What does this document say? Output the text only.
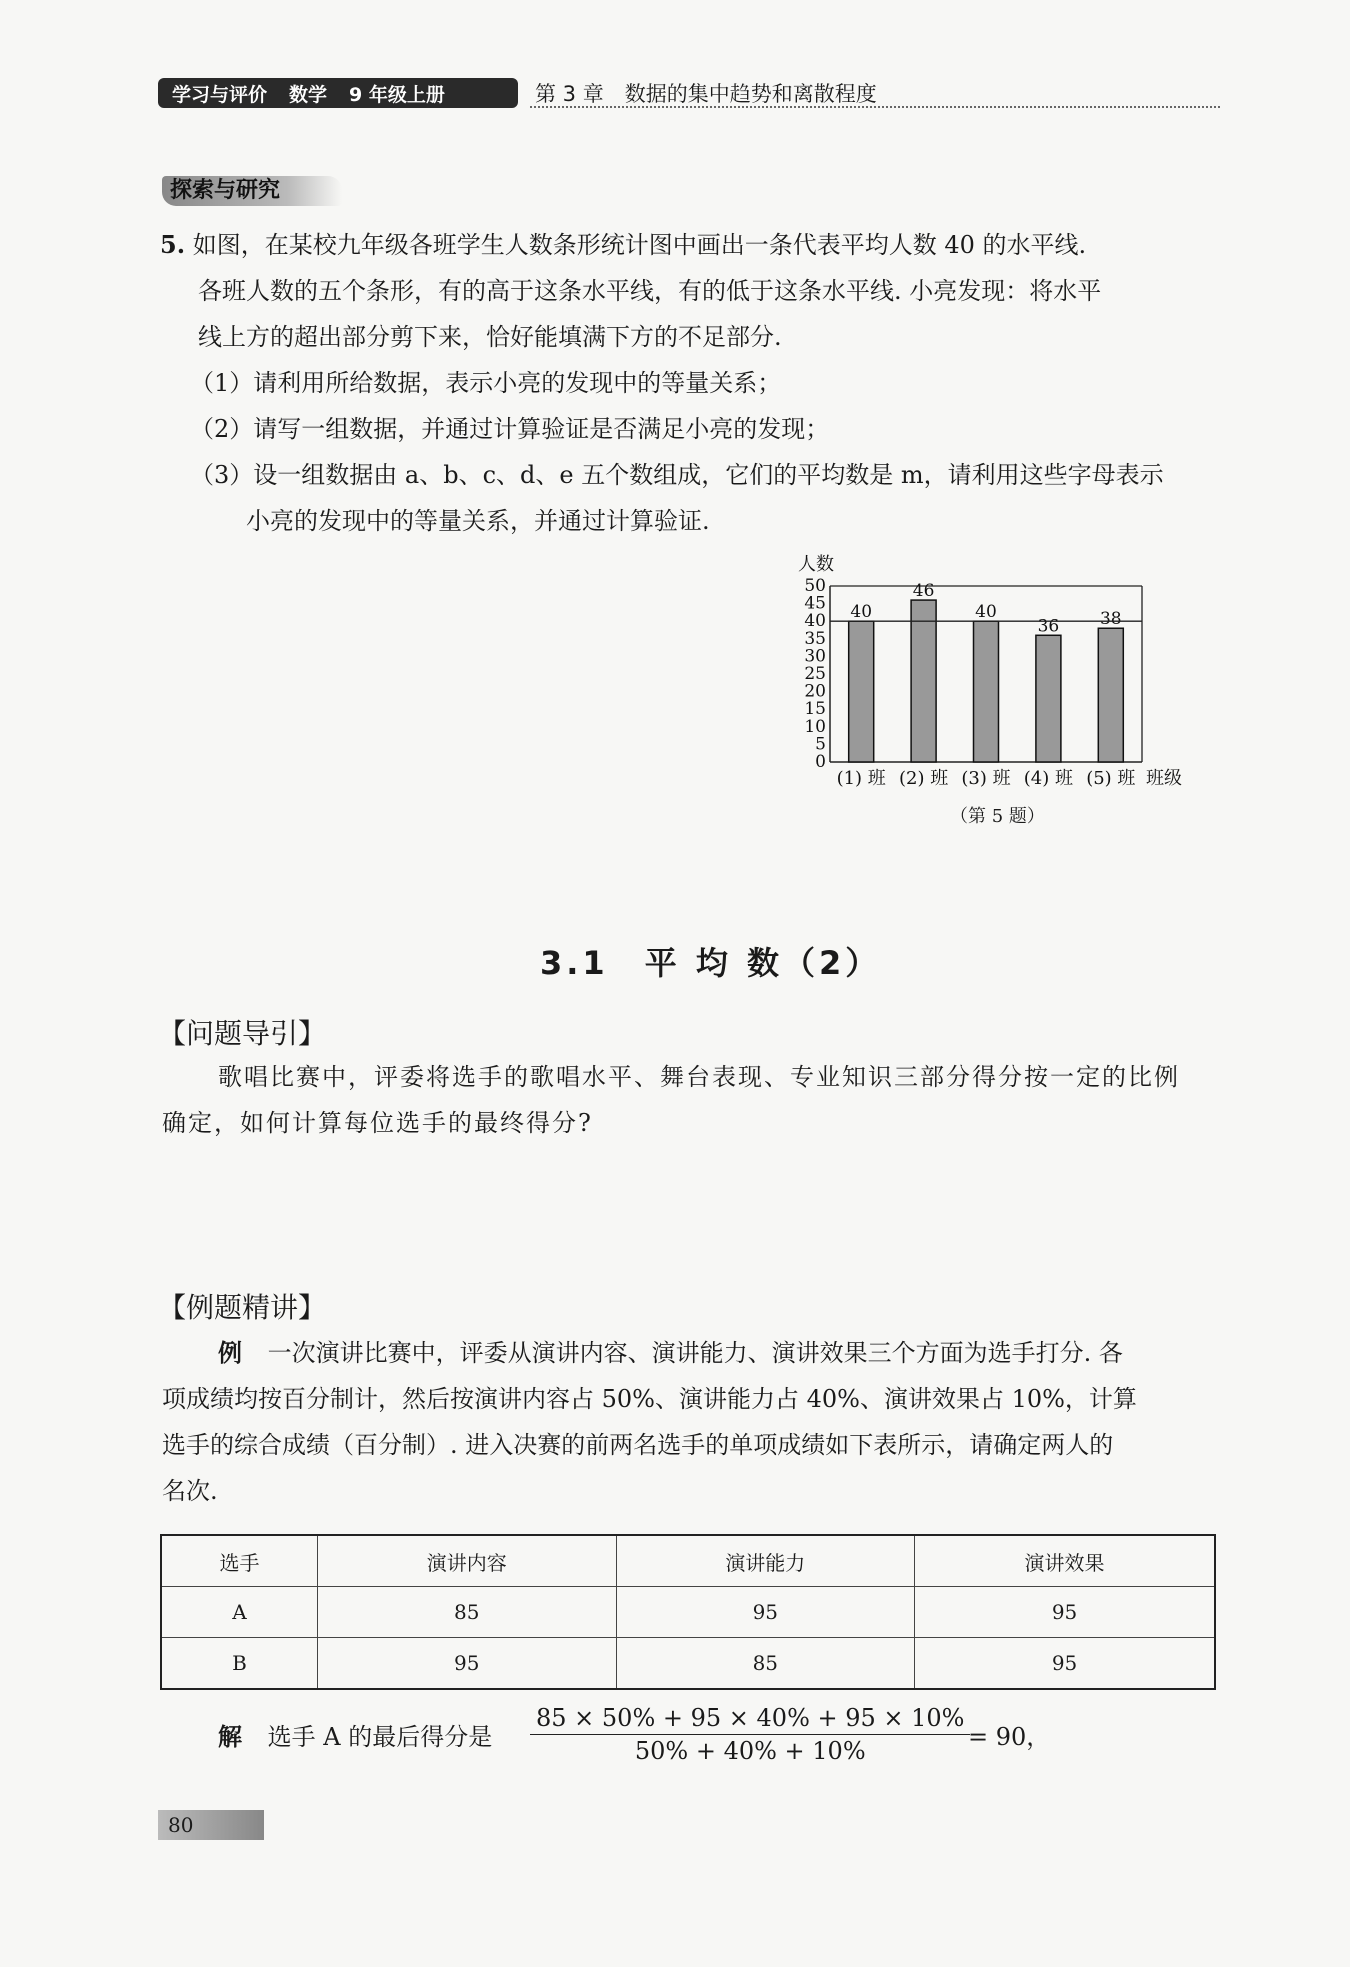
学习与评价 数学 9 年级上册	第 3 章　数据的集中趋势和离散程度
探索与研究
5. 如图，在某校九年级各班学生人数条形统计图中画出一条代表平均人数 40 的水平线.
各班人数的五个条形，有的高于这条水平线，有的低于这条水平线. 小亮发现：将水平
线上方的超出部分剪下来，恰好能填满下方的不足部分.
（1）请利用所给数据，表示小亮的发现中的等量关系；
（2）请写一组数据，并通过计算验证是否满足小亮的发现；
（3）设一组数据由 a、b、c、d、e 五个数组成，它们的平均数是 m，请利用这些字母表示
小亮的发现中的等量关系，并通过计算验证.
人数
0
5
10
15
20
25
30
35
40
45
50
40
(1) 班
46
(2) 班
40
(3) 班
36
(4) 班
38
(5) 班 班级
（第 5 题）
3.1　平 均 数（2）
【问题导引】
歌唱比赛中，评委将选手的歌唱水平、舞台表现、专业知识三部分得分按一定的比例
确定，如何计算每位选手的最终得分?
【例题精讲】
例 一次演讲比赛中，评委从演讲内容、演讲能力、演讲效果三个方面为选手打分. 各
项成绩均按百分制计，然后按演讲内容占 50%、演讲能力占 40%、演讲效果占 10%，计算
选手的综合成绩（百分制）. 进入决赛的前两名选手的单项成绩如下表所示，请确定两人的
名次.
选手	演讲内容	演讲能力	演讲效果
A	85	95	95
B	95	85	95
解 选手 A 的最后得分是 $\frac{85 \times 50\% + 95 \times 40\% + 95 \times 10\%}{50\% + 40\% + 10\%}$
= 90，
80
